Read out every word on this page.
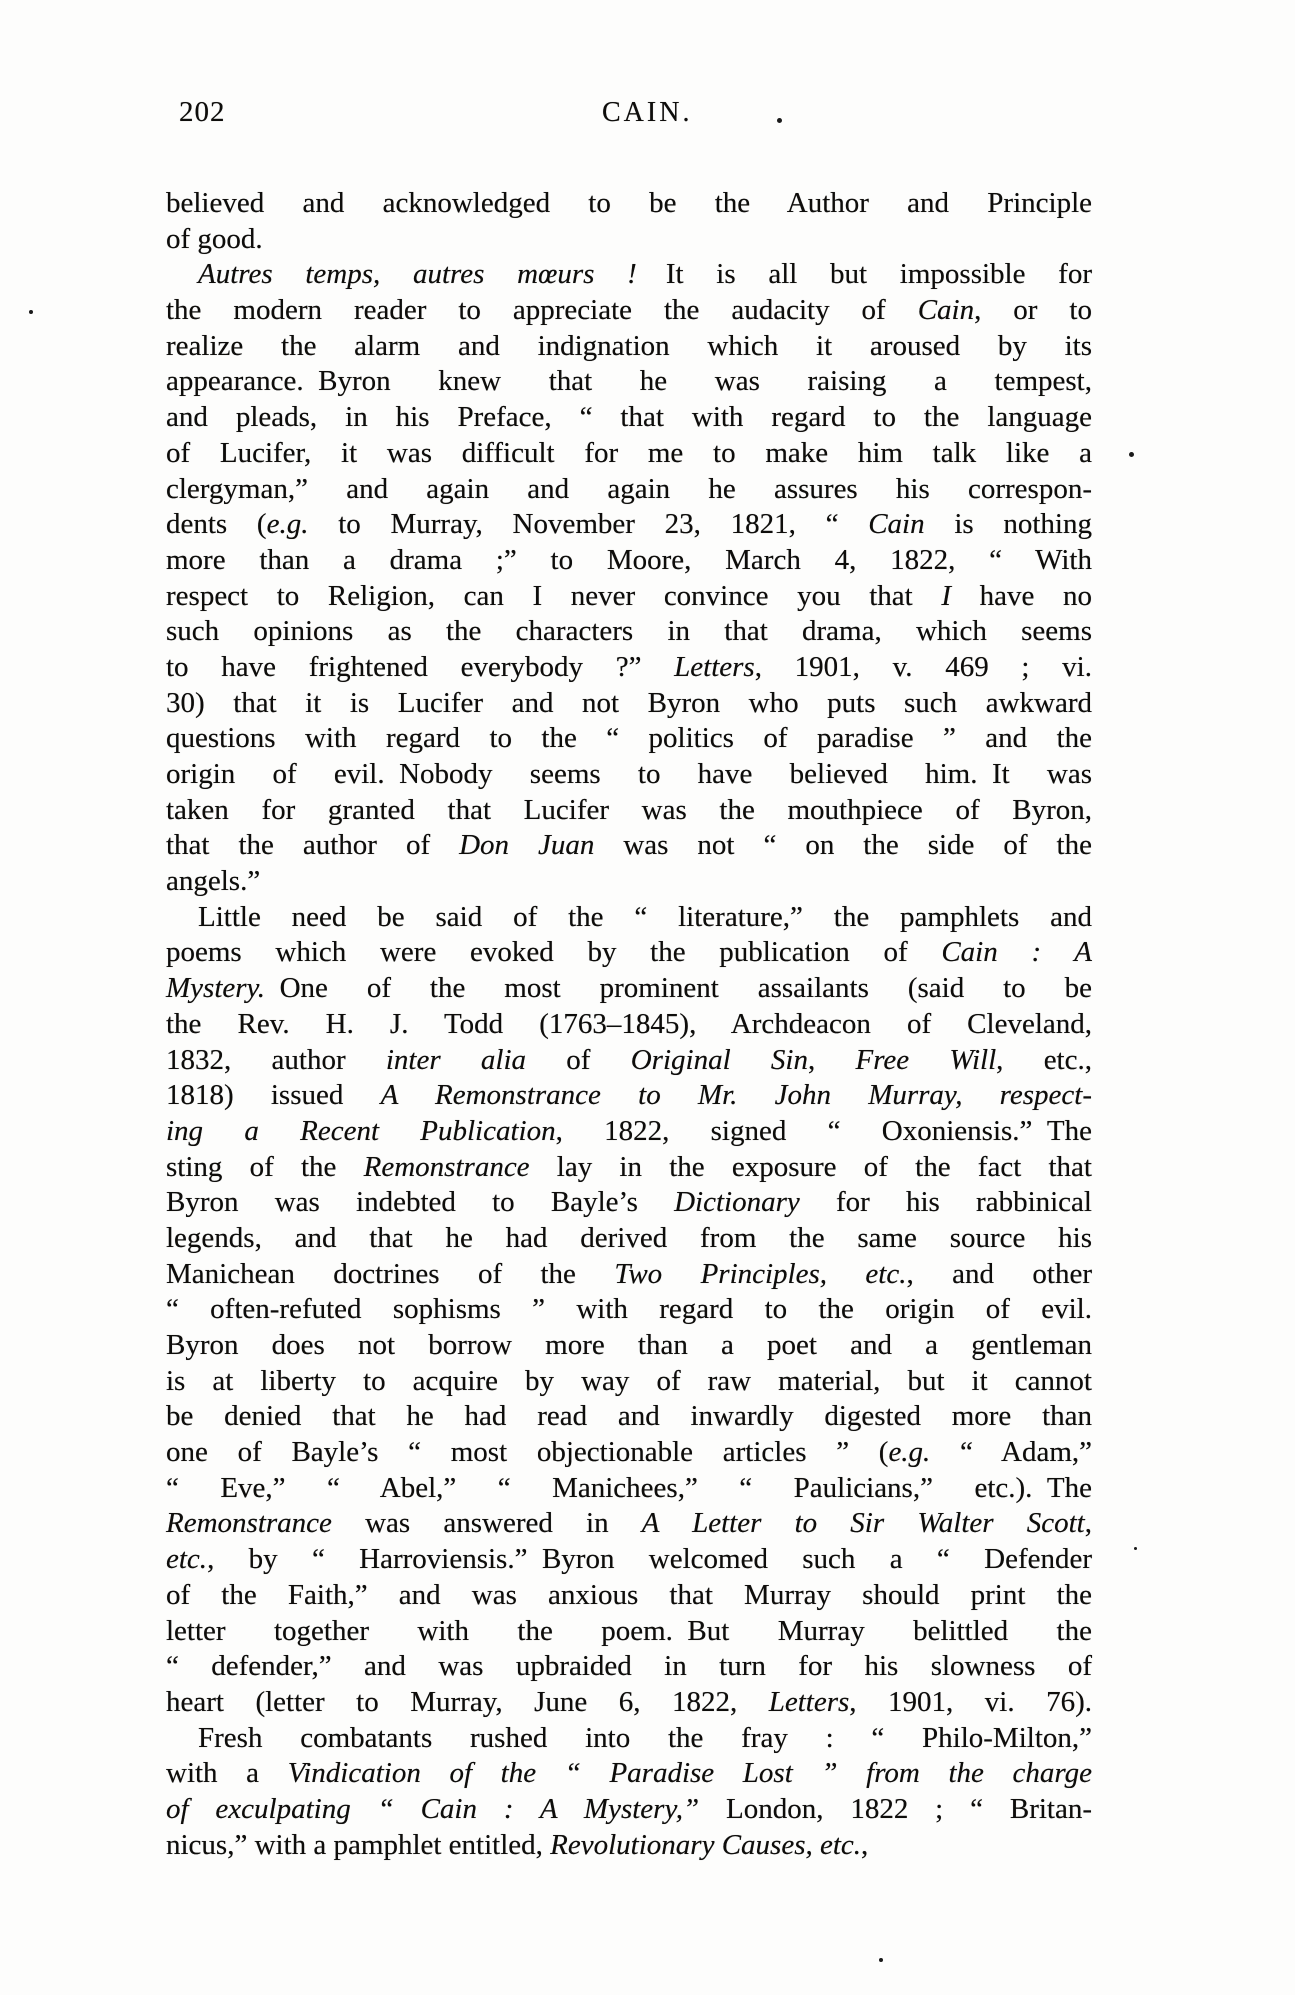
202	CAIN.
believed and acknowledged to be the Author and Principle
of good.
Autres temps, autres mœurs ! It is all but impossible for
the modern reader to appreciate the audacity of Cain, or to
realize the alarm and indignation which it aroused by its
appearance. Byron knew that he was raising a tempest,
and pleads, in his Preface, “ that with regard to the language
of Lucifer, it was difficult for me to make him talk like a
clergyman,” and again and again he assures his correspon-
dents (e.g. to Murray, November 23, 1821, “ Cain is nothing
more than a drama ;” to Moore, March 4, 1822, “ With
respect to Religion, can I never convince you that I have no
such opinions as the characters in that drama, which seems
to have frightened everybody ?” Letters, 1901, v. 469 ; vi.
30) that it is Lucifer and not Byron who puts such awkward
questions with regard to the “ politics of paradise ” and the
origin of evil. Nobody seems to have believed him. It was
taken for granted that Lucifer was the mouthpiece of Byron,
that the author of Don Juan was not “ on the side of the
angels.”
Little need be said of the “ literature,” the pamphlets and
poems which were evoked by the publication of Cain : A
Mystery. One of the most prominent assailants (said to be
the Rev. H. J. Todd (1763–1845), Archdeacon of Cleveland,
1832, author inter alia of Original Sin, Free Will, etc.,
1818) issued A Remonstrance to Mr. John Murray, respect-
ing a Recent Publication, 1822, signed “ Oxoniensis.” The
sting of the Remonstrance lay in the exposure of the fact that
Byron was indebted to Bayle’s Dictionary for his rabbinical
legends, and that he had derived from the same source his
Manichean doctrines of the Two Principles, etc., and other
“ often-refuted sophisms ” with regard to the origin of evil.
Byron does not borrow more than a poet and a gentleman
is at liberty to acquire by way of raw material, but it cannot
be denied that he had read and inwardly digested more than
one of Bayle’s “ most objectionable articles ” (e.g. “ Adam,”
“ Eve,” “ Abel,” “ Manichees,” “ Paulicians,” etc.). The
Remonstrance was answered in A Letter to Sir Walter Scott,
etc., by “ Harroviensis.” Byron welcomed such a “ Defender
of the Faith,” and was anxious that Murray should print the
letter together with the poem. But Murray belittled the
“ defender,” and was upbraided in turn for his slowness of
heart (letter to Murray, June 6, 1822, Letters, 1901, vi. 76).
Fresh combatants rushed into the fray : “ Philo-Milton,”
with a Vindication of the “ Paradise Lost ” from the charge
of exculpating “ Cain : A Mystery,” London, 1822 ; “ Britan-
nicus,” with a pamphlet entitled, Revolutionary Causes, etc.,
